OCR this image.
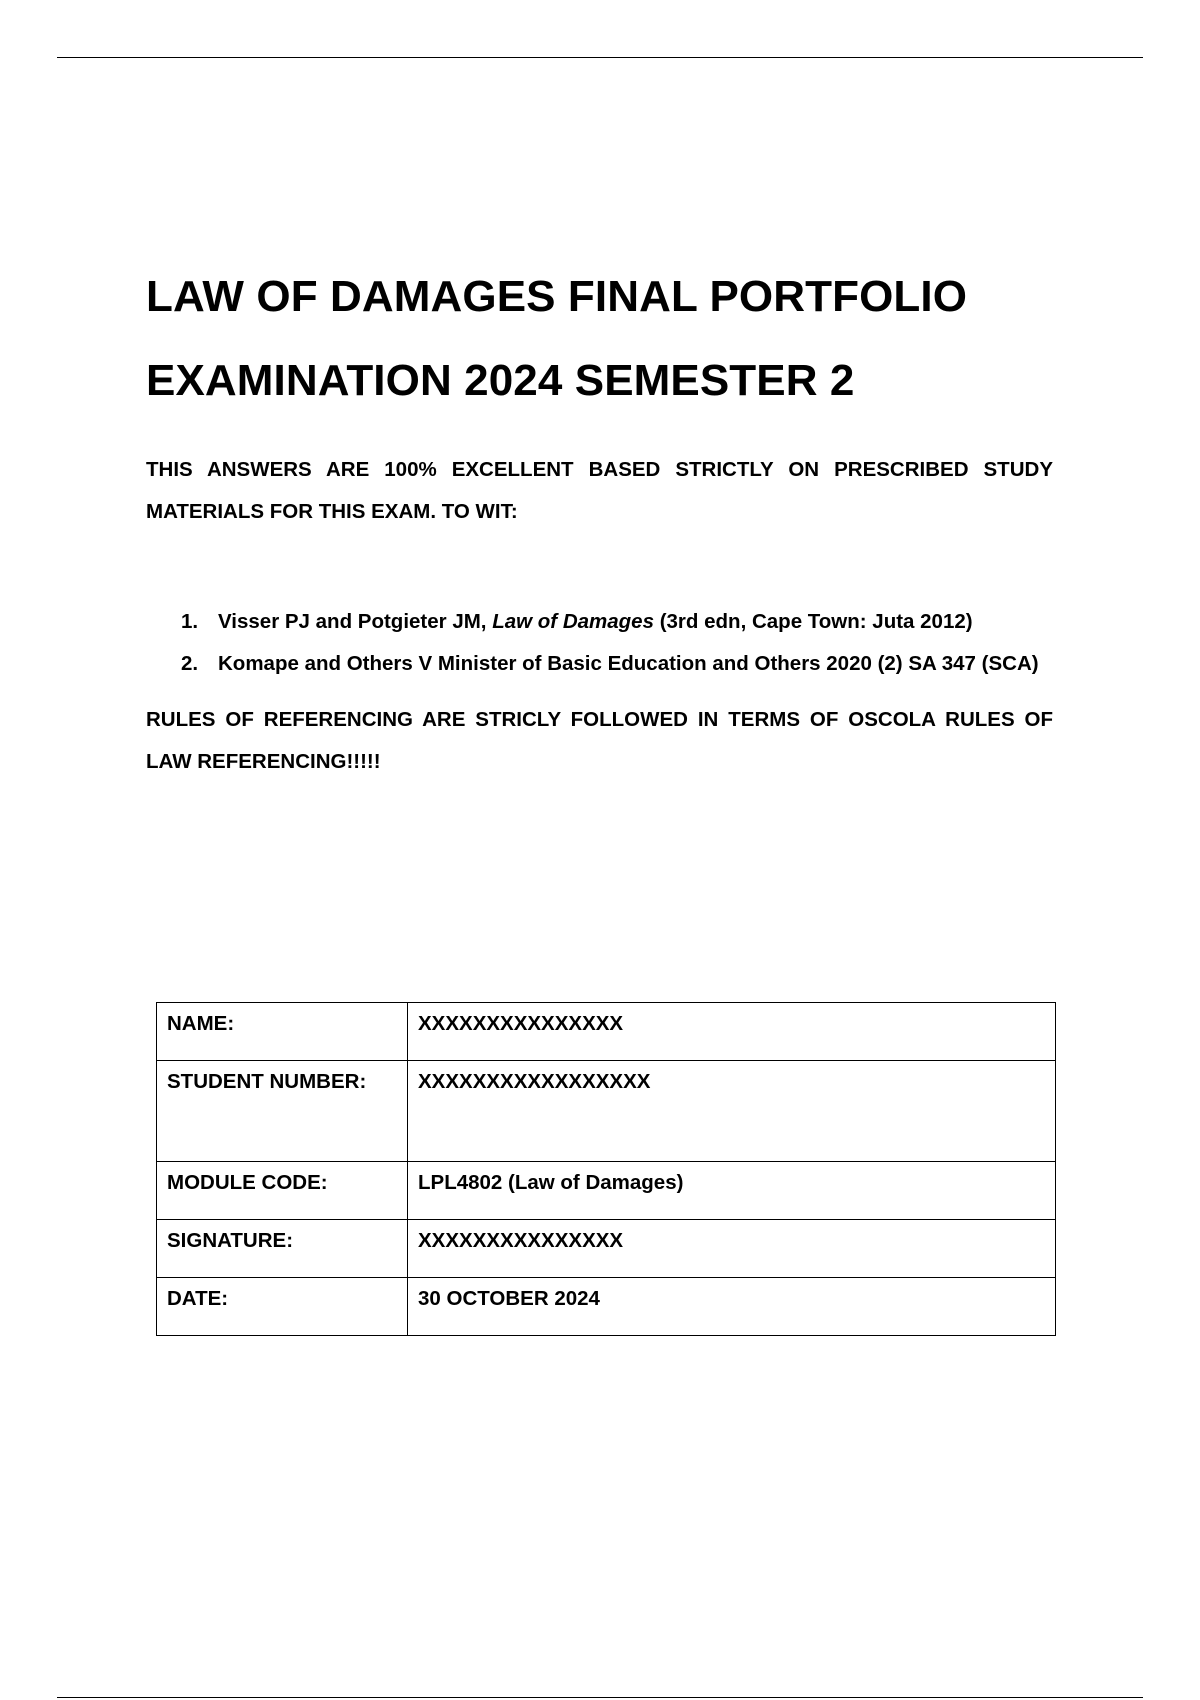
LAW OF DAMAGES FINAL PORTFOLIO
EXAMINATION 2024 SEMESTER 2

THIS ANSWERS ARE 100% EXCELLENT BASED STRICTLY ON PRESCRIBED STUDY MATERIALS FOR THIS EXAM. TO WIT:

1. Visser PJ and Potgieter JM, Law of Damages (3rd edn, Cape Town: Juta 2012)
2. Komape and Others V Minister of Basic Education and Others 2020 (2) SA 347 (SCA)

RULES OF REFERENCING ARE STRICLY FOLLOWED IN TERMS OF OSCOLA RULES OF LAW REFERENCING!!!!!

NAME:	XXXXXXXXXXXXXXX
STUDENT NUMBER:	XXXXXXXXXXXXXXXXX
MODULE CODE:	LPL4802 (Law of Damages)
SIGNATURE:	XXXXXXXXXXXXXXX
DATE:	30 OCTOBER 2024
